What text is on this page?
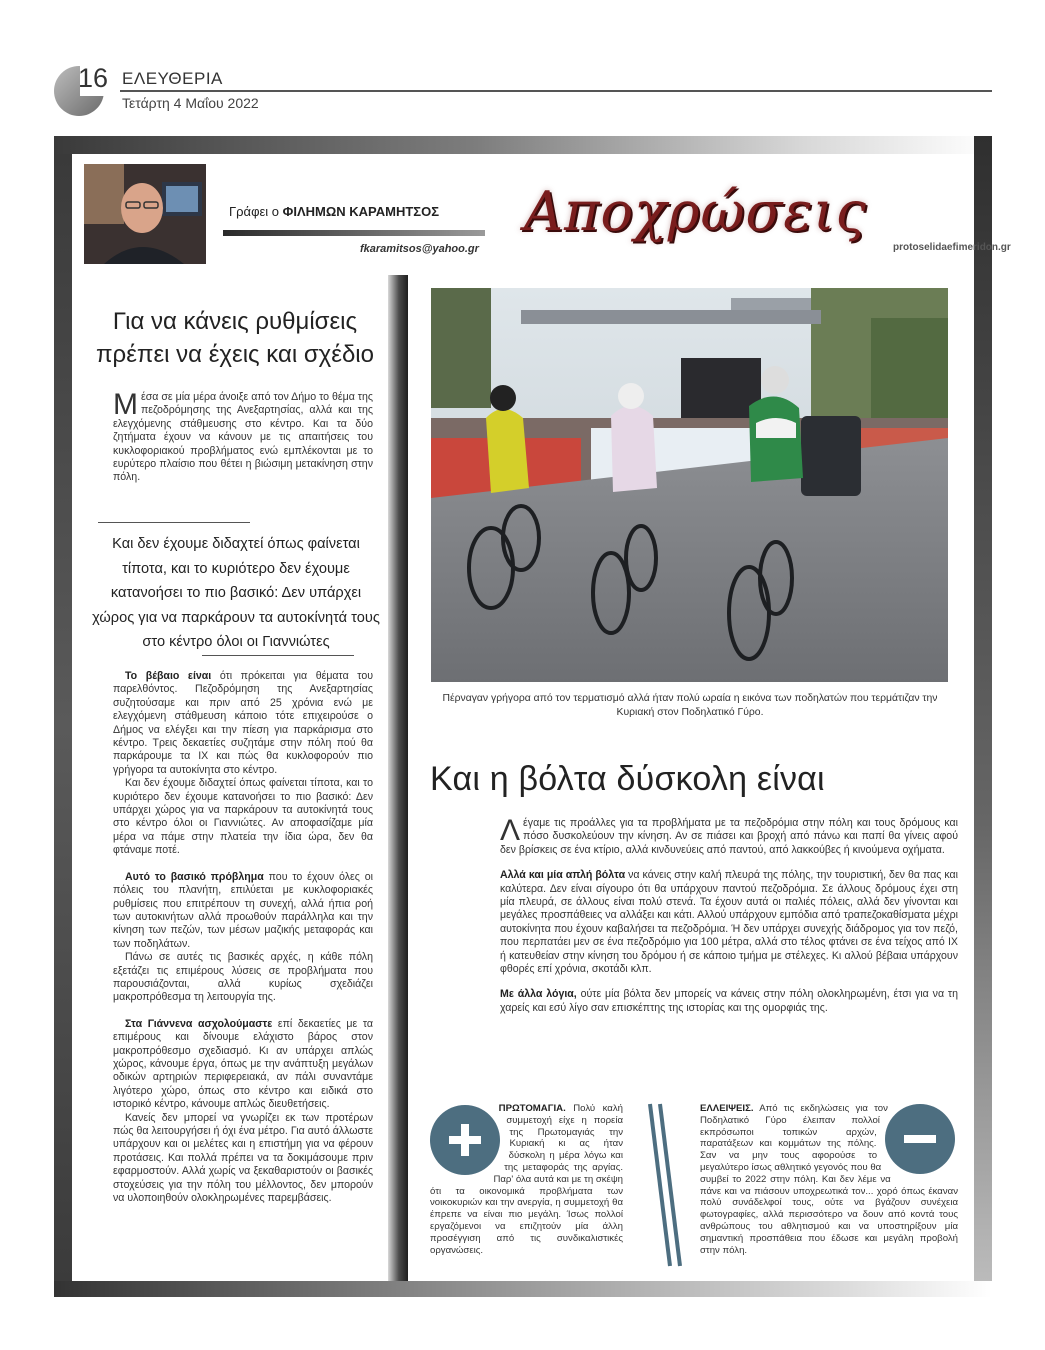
16 ΕΛΕΥΘΕΡΙΑ
Τετάρτη 4 Μαΐου 2022
Γράφει ο ΦΙΛΗΜΩΝ ΚΑΡΑΜΗΤΣΟΣ
fkaramitsos@yahoo.gr
Αποχρώσεις
protoselidaefimeridon.gr
Για να κάνεις ρυθμίσεις πρέπει να έχεις και σχέδιο

Μέσα σε μία μέρα άνοιξε από τον Δήμο το θέμα της πεζοδρόμησης της Ανεξαρτησίας, αλλά και της ελεγχόμενης στάθμευσης στο κέντρο. Και τα δύο ζητήματα έχουν να κάνουν με τις απαιτήσεις του κυκλοφοριακού προβλήματος ενώ εμπλέκονται με το ευρύτερο πλαίσιο που θέτει η βιώσιμη μετακίνηση στην πόλη.

Και δεν έχουμε διδαχτεί όπως φαίνεται τίποτα, και το κυριότερο δεν έχουμε κατανοήσει το πιο βασικό: Δεν υπάρχει χώρος για να παρκάρουν τα αυτοκίνητά τους στο κέντρο όλοι οι Γιαννιώτες

Το βέβαιο είναι ότι πρόκειται για θέματα του παρελθόντος. Πεζοδρόμηση της Ανεξαρτησίας συζητούσαμε και πριν από 25 χρόνια ενώ με ελεγχόμενη στάθμευση κάποιο τότε επιχειρούσε ο Δήμος να ελέγξει και την πίεση για παρκάρισμα στο κέντρο. Τρεις δεκαετίες συζητάμε στην πόλη πού θα παρκάρουμε τα ΙΧ και πώς θα κυκλοφορούν πιο γρήγορα τα αυτοκίνητα στο κέντρο.

Και δεν έχουμε διδαχτεί όπως φαίνεται τίποτα, και το κυριότερο δεν έχουμε κατανοήσει το πιο βασικό: Δεν υπάρχει χώρος για να παρκάρουν τα αυτοκίνητά τους στο κέντρο όλοι οι Γιαννιώτες. Αν αποφασίζαμε μία μέρα να πάμε στην πλατεία την ίδια ώρα, δεν θα φτάναμε ποτέ.

Αυτό το βασικό πρόβλημα που το έχουν όλες οι πόλεις του πλανήτη, επιλύεται με κυκλοφοριακές ρυθμίσεις που επιτρέπουν τη συνεχή, αλλά ήπια ροή των αυτοκινήτων αλλά προωθούν παράλληλα και την κίνηση των πεζών, των μέσων μαζικής μεταφοράς και των ποδηλάτων.

Πάνω σε αυτές τις βασικές αρχές, η κάθε πόλη εξετάζει τις επιμέρους λύσεις σε προβλήματα που παρουσιάζονται, αλλά κυρίως σχεδιάζει μακροπρόθεσμα τη λειτουργία της.

Στα Γιάννενα ασχολούμαστε επί δεκαετίες με τα επιμέρους και δίνουμε ελάχιστο βάρος στον μακροπρόθεσμο σχεδιασμό. Κι αν υπάρχει απλώς χώρος, κάνουμε έργα, όπως με την ανάπτυξη μεγάλων οδικών αρτηριών περιφερειακά, αν πάλι συναντάμε λιγότερο χώρο, όπως στο κέντρο και ειδικά στο ιστορικό κέντρο, κάνουμε απλώς διευθετήσεις.

Κανείς δεν μπορεί να γνωρίζει εκ των προτέρων πώς θα λειτουργήσει ή όχι ένα μέτρο. Για αυτό άλλωστε υπάρχουν και οι μελέτες και η επιστήμη για να φέρουν προτάσεις. Και πολλά πρέπει να τα δοκιμάσουμε πριν εφαρμοστούν. Αλλά χωρίς να ξεκαθαριστούν οι βασικές στοχεύσεις για την πόλη του μέλλοντος, δεν μπορούν να υλοποιηθούν ολοκληρωμένες παρεμβάσεις.

Πέρναγαν γρήγορα από τον τερματισμό αλλά ήταν πολύ ωραία η εικόνα των ποδηλατών που τερμάτιζαν την Κυριακή στον Ποδηλατικό Γύρο.
Και η βόλτα δύσκολη είναι

Λέγαμε τις προάλλες για τα προβλήματα με τα πεζοδρόμια στην πόλη και τους δρόμους και πόσο δυσκολεύουν την κίνηση. Αν σε πιάσει και βροχή από πάνω και παπί θα γίνεις αφού δεν βρίσκεις σε ένα κτίριο, αλλά κινδυνεύεις από παντού, από λακκούβες ή κινούμενα οχήματα.

Αλλά και μία απλή βόλτα να κάνεις στην καλή πλευρά της πόλης, την τουριστική, δεν θα πας και καλύτερα. Δεν είναι σίγουρο ότι θα υπάρχουν παντού πεζοδρόμια. Σε άλλους δρόμους έχει στη μία πλευρά, σε άλλους είναι πολύ στενά. Τα έχουν αυτά οι παλιές πόλεις, αλλά δεν γίνονται και μεγάλες προσπάθειες να αλλάξει και κάτι. Αλλού υπάρχουν εμπόδια από τραπεζοκαθίσματα μέχρι αυτοκίνητα που έχουν καβαλήσει τα πεζοδρόμια. Ή δεν υπάρχει συνεχής διάδρομος για τον πεζό, που περπατάει μεν σε ένα πεζοδρόμιο για 100 μέτρα, αλλά στο τέλος φτάνει σε ένα τείχος από ΙΧ ή κατευθείαν στην κίνηση του δρόμου ή σε κάποιο τμήμα με στέλεχες. Κι αλλού βέβαια υπάρχουν φθορές επί χρόνια, σκοτάδι κλπ.

Με άλλα λόγια, ούτε μία βόλτα δεν μπορείς να κάνεις στην πόλη ολοκληρωμένη, έτσι για να τη χαρείς και εσύ λίγο σαν επισκέπτης της ιστορίας και της ομορφιάς της.

ΠΡΩΤΟΜΑΓΙΑ. Πολύ καλή συμμετοχή είχε η πορεία της Πρωτομαγιάς την Κυριακή κι ας ήταν δύσκολη η μέρα λόγω και της μεταφοράς της αργίας. Παρ' όλα αυτά και με τη σκέψη ότι τα οικονομικά προβλήματα των νοικοκυριών και την ανεργία, η συμμετοχή θα έπρεπε να είναι πιο μεγάλη. Ίσως πολλοί εργαζόμενοι να επιζητούν μία άλλη προσέγγιση από τις συνδικαλιστικές οργανώσεις.
ΕΛΛΕΙΨΕΙΣ. Από τις εκδηλώσεις για τον Ποδηλατικό Γύρο έλειπαν πολλοί εκπρόσωποι τοπικών αρχών, παρατάξεων και κομμάτων της πόλης. Σαν να μην τους αφορούσε το μεγαλύτερο ίσως αθλητικό γεγονός που θα συμβεί το 2022 στην πόλη. Και δεν λέμε να πάνε και να πιάσουν υποχρεωτικά τον... χορό όπως έκαναν πολύ συνάδελφοί τους, ούτε να βγάζουν συνέχεια φωτογραφίες, αλλά περισσότερο να δουν από κοντά τους ανθρώπους του αθλητισμού και να υποστηρίξουν μία σημαντική προσπάθεια που έδωσε και μεγάλη προβολή στην πόλη.
